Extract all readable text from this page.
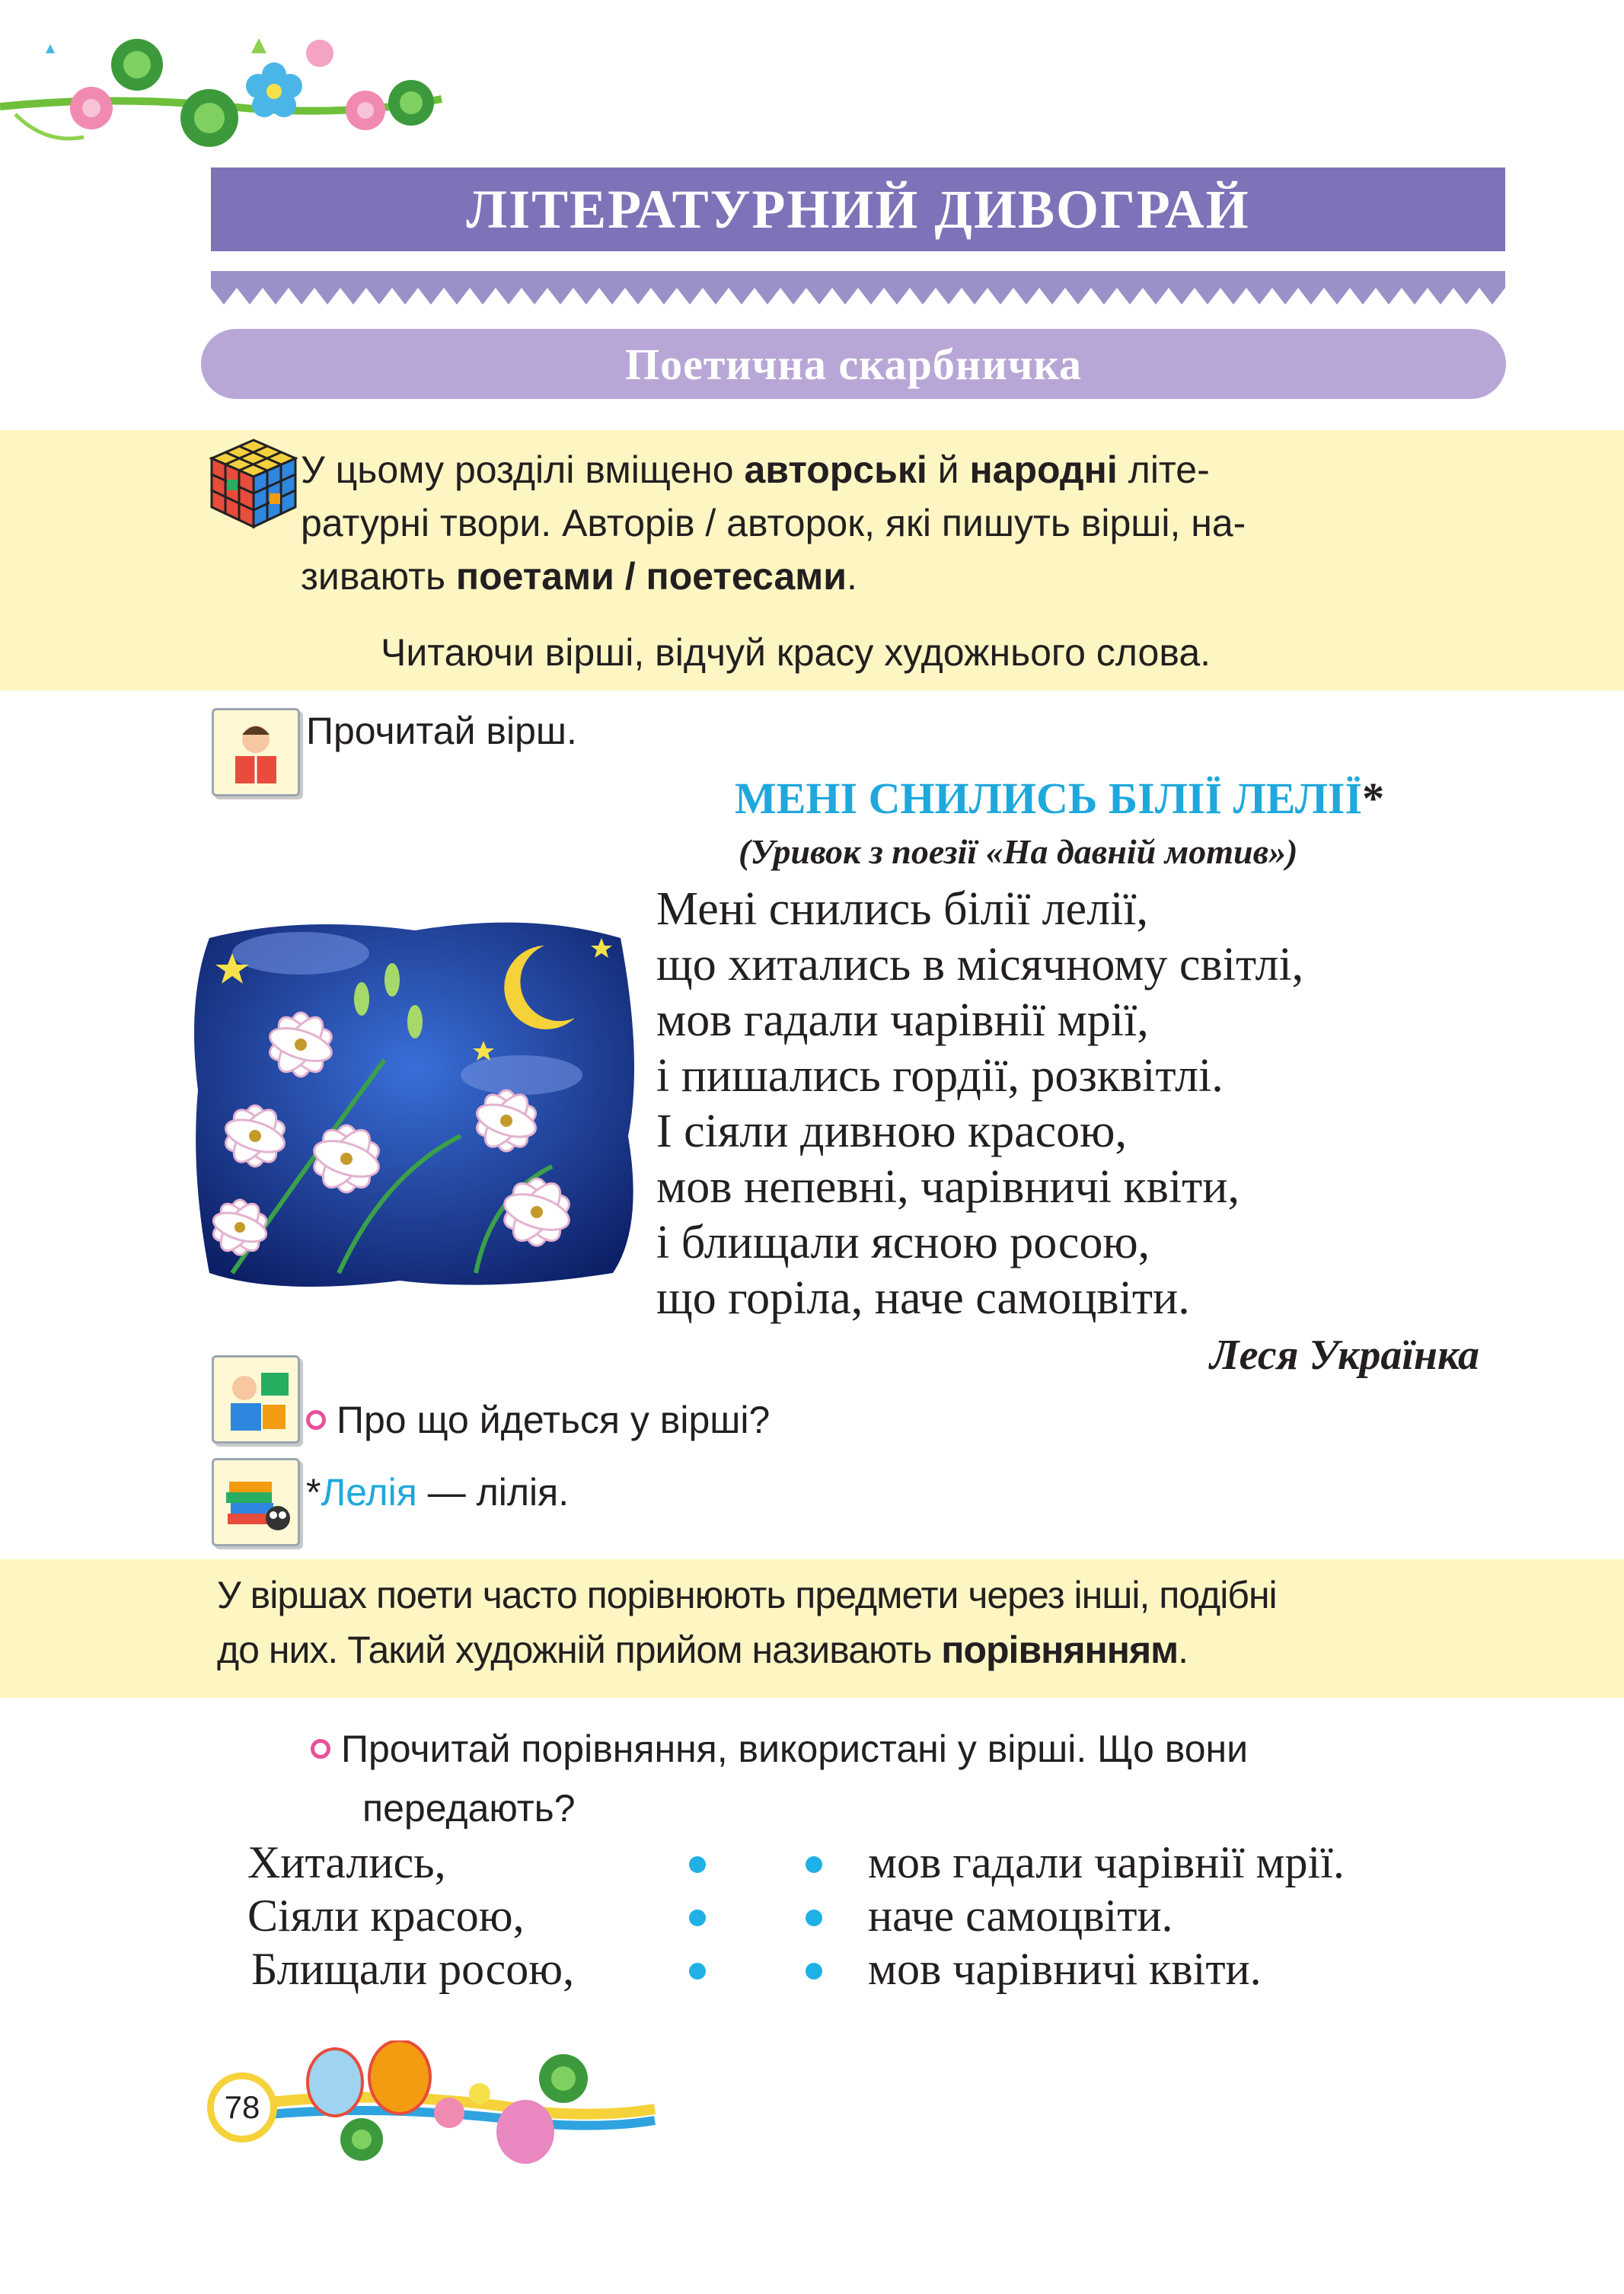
ЛІТЕРАТУРНИЙ ДИВОГРАЙ
Поетична скарбничка
У цьому розділі вміщено авторські й народні літе-
ратурні твори. Авторів / авторок, які пишуть вірші, на-
зивають поетами / поетесами.
Читаючи вірші, відчуй красу художнього слова.
Прочитай вірш.
МЕНІ СНИЛИСЬ БІЛІЇ ЛЕЛІЇ*
(Уривок з поезії «На давній мотив»)
Мені снились білії лелії,
що хитались в місячному світлі,
мов гадали чарівнії мрії,
і пишались гордії, розквітлі.
І сіяли дивною красою,
мов непевні, чарівничі квіти,
і блищали ясною росою,
що горіла, наче самоцвіти.
Леся Українка
Про що йдеться у вірші?
*Лелія — лілія.
У віршах поети часто порівнюють предмети через інші, подібні
до них. Такий художній прийом називають порівнянням.
Прочитай порівняння, використані у вірші. Що вони
передають?
Хитались,
Сіяли красою,
Блищали росою,
мов гадали чарівнії мрії.
наче самоцвіти.
мов чарівничі квіти.
78
